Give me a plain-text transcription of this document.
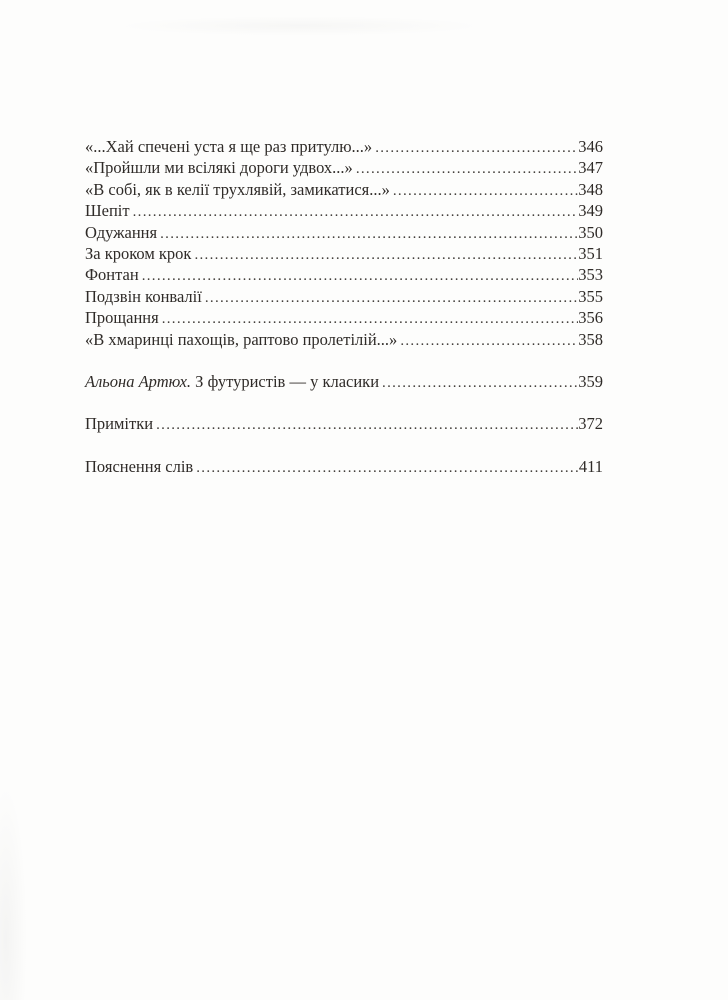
«...Хай спечені уста я ще раз притулю...» .....	346
«Пройшли ми всілякі дороги удвох...» .....	347
«В собі, як в келії трухлявій, замикатися...» .....	348
Шепіт .....	349
Одужання .....	350
За кроком крок .....	351
Фонтан .....	353
Подзвін конвалії .....	355
Прощання .....	356
«В хмаринці пахощів, раптово пролетілій...» .....	358
Альона Артюх. З футуристів — у класики .....	359
Примітки .....	372
Пояснення слів .....	411
